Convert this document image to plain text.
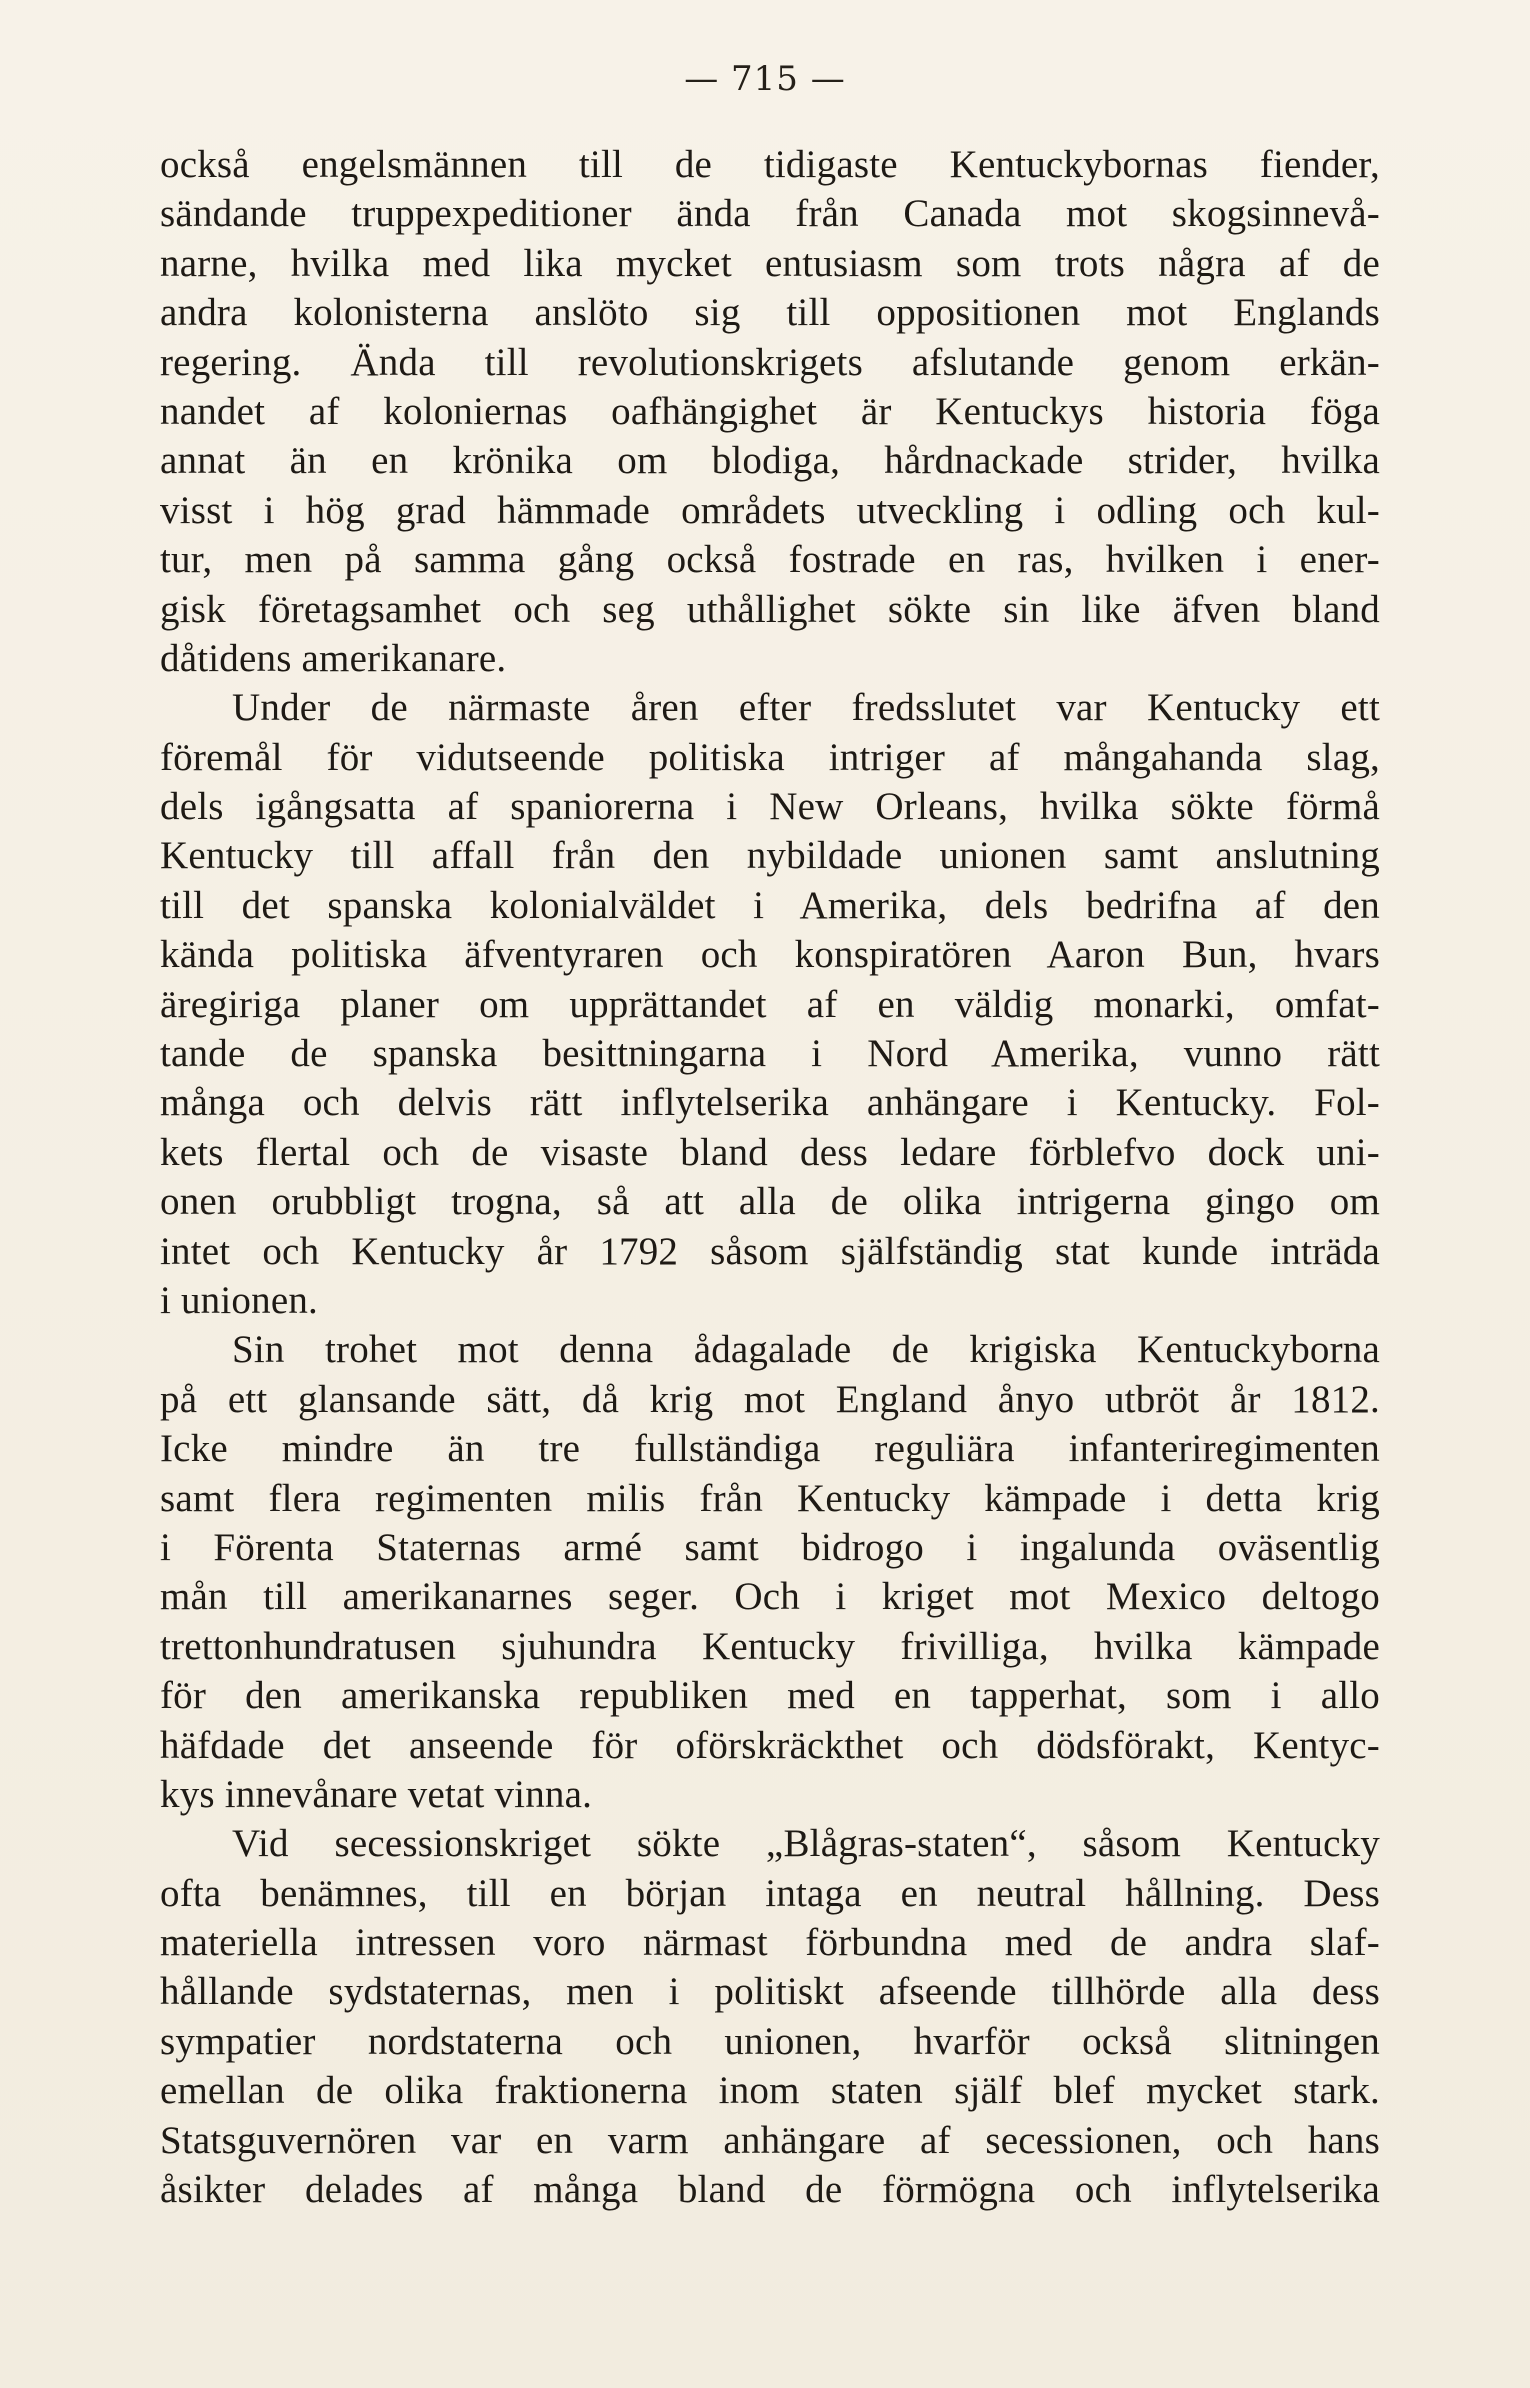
— 715 —
också engelsmännen till de tidigaste Kentuckybornas fiender,
sändande truppexpeditioner ända från Canada mot skogsinnevå-
narne, hvilka med lika mycket entusiasm som trots några af de
andra kolonisterna anslöto sig till oppositionen mot Englands
regering. Ända till revolutionskrigets afslutande genom erkän-
nandet af koloniernas oafhängighet är Kentuckys historia föga
annat än en krönika om blodiga, hårdnackade strider, hvilka
visst i hög grad hämmade områdets utveckling i odling och kul-
tur, men på samma gång också fostrade en ras, hvilken i ener-
gisk företagsamhet och seg uthållighet sökte sin like äfven bland
dåtidens amerikanare.
Under de närmaste åren efter fredsslutet var Kentucky ett
föremål för vidutseende politiska intriger af mångahanda slag,
dels igångsatta af spaniorerna i New Orleans, hvilka sökte förmå
Kentucky till affall från den nybildade unionen samt anslutning
till det spanska kolonialväldet i Amerika, dels bedrifna af den
kända politiska äfventyraren och konspiratören Aaron Bun, hvars
äregiriga planer om upprättandet af en väldig monarki, omfat-
tande de spanska besittningarna i Nord Amerika, vunno rätt
många och delvis rätt inflytelserika anhängare i Kentucky. Fol-
kets flertal och de visaste bland dess ledare förblefvo dock uni-
onen orubbligt trogna, så att alla de olika intrigerna gingo om
intet och Kentucky år 1792 såsom själfständig stat kunde inträda
i unionen.
Sin trohet mot denna ådagalade de krigiska Kentuckyborna
på ett glansande sätt, då krig mot England ånyo utbröt år 1812.
Icke mindre än tre fullständiga reguliära infanteriregimenten
samt flera regimenten milis från Kentucky kämpade i detta krig
i Förenta Staternas armé samt bidrogo i ingalunda oväsentlig
mån till amerikanarnes seger. Och i kriget mot Mexico deltogo
trettonhundratusen sjuhundra Kentucky frivilliga, hvilka kämpade
för den amerikanska republiken med en tapperhat, som i allo
häfdade det anseende för oförskräckthet och dödsförakt, Kentyc-
kys innevånare vetat vinna.
Vid secessionskriget sökte „Blågras-staten“, såsom Kentucky
ofta benämnes, till en början intaga en neutral hållning. Dess
materiella intressen voro närmast förbundna med de andra slaf-
hållande sydstaternas, men i politiskt afseende tillhörde alla dess
sympatier nordstaterna och unionen, hvarför också slitningen
emellan de olika fraktionerna inom staten själf blef mycket stark.
Statsguvernören var en varm anhängare af secessionen, och hans
åsikter delades af många bland de förmögna och inflytelserika
